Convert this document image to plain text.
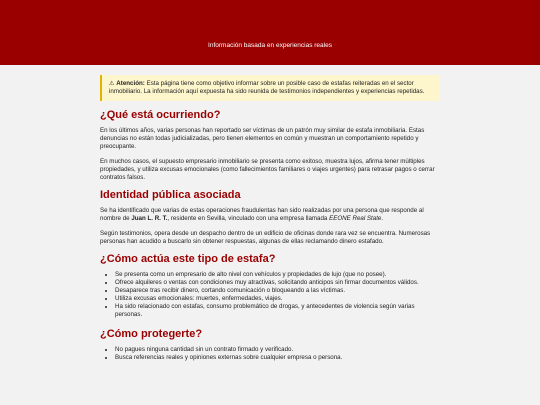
Información basada en experiencias reales
⚠ Atención: Esta página tiene como objetivo informar sobre un posible caso de estafas reiteradas en el sector inmobiliario. La información aquí expuesta ha sido reunida de testimonios independientes y experiencias repetidas.
¿Qué está ocurriendo?

En los últimos años, varias personas han reportado ser víctimas de un patrón muy similar de estafa inmobiliaria. Estas denuncias no están todas judicializadas, pero tienen elementos en común y muestran un comportamiento repetido y preocupante.

En muchos casos, el supuesto empresario inmobiliario se presenta como exitoso, muestra lujos, afirma tener múltiples propiedades, y utiliza excusas emocionales (como fallecimientos familiares o viajes urgentes) para retrasar pagos o cerrar contratos falsos.

Identidad pública asociada

Se ha identificado que varias de estas operaciones fraudulentas han sido realizadas por una persona que responde al nombre de Juan L. R. T., residente en Sevilla, vinculado con una empresa llamada EEONE Real State.

Según testimonios, opera desde un despacho dentro de un edificio de oficinas donde rara vez se encuentra. Numerosas personas han acudido a buscarlo sin obtener respuestas, algunas de ellas reclamando dinero estafado.

¿Cómo actúa este tipo de estafa?
• Se presenta como un empresario de alto nivel con vehículos y propiedades de lujo (que no posee).
• Ofrece alquileres o ventas con condiciones muy atractivas, solicitando anticipos sin firmar documentos válidos.
• Desaparece tras recibir dinero, cortando comunicación o bloqueando a las víctimas.
• Utiliza excusas emocionales: muertes, enfermedades, viajes.
• Ha sido relacionado con estafas, consumo problemático de drogas, y antecedentes de violencia según varias personas.
¿Cómo protegerte?
• No pagues ninguna cantidad sin un contrato firmado y verificado.
• Busca referencias reales y opiniones externas sobre cualquier empresa o persona.
